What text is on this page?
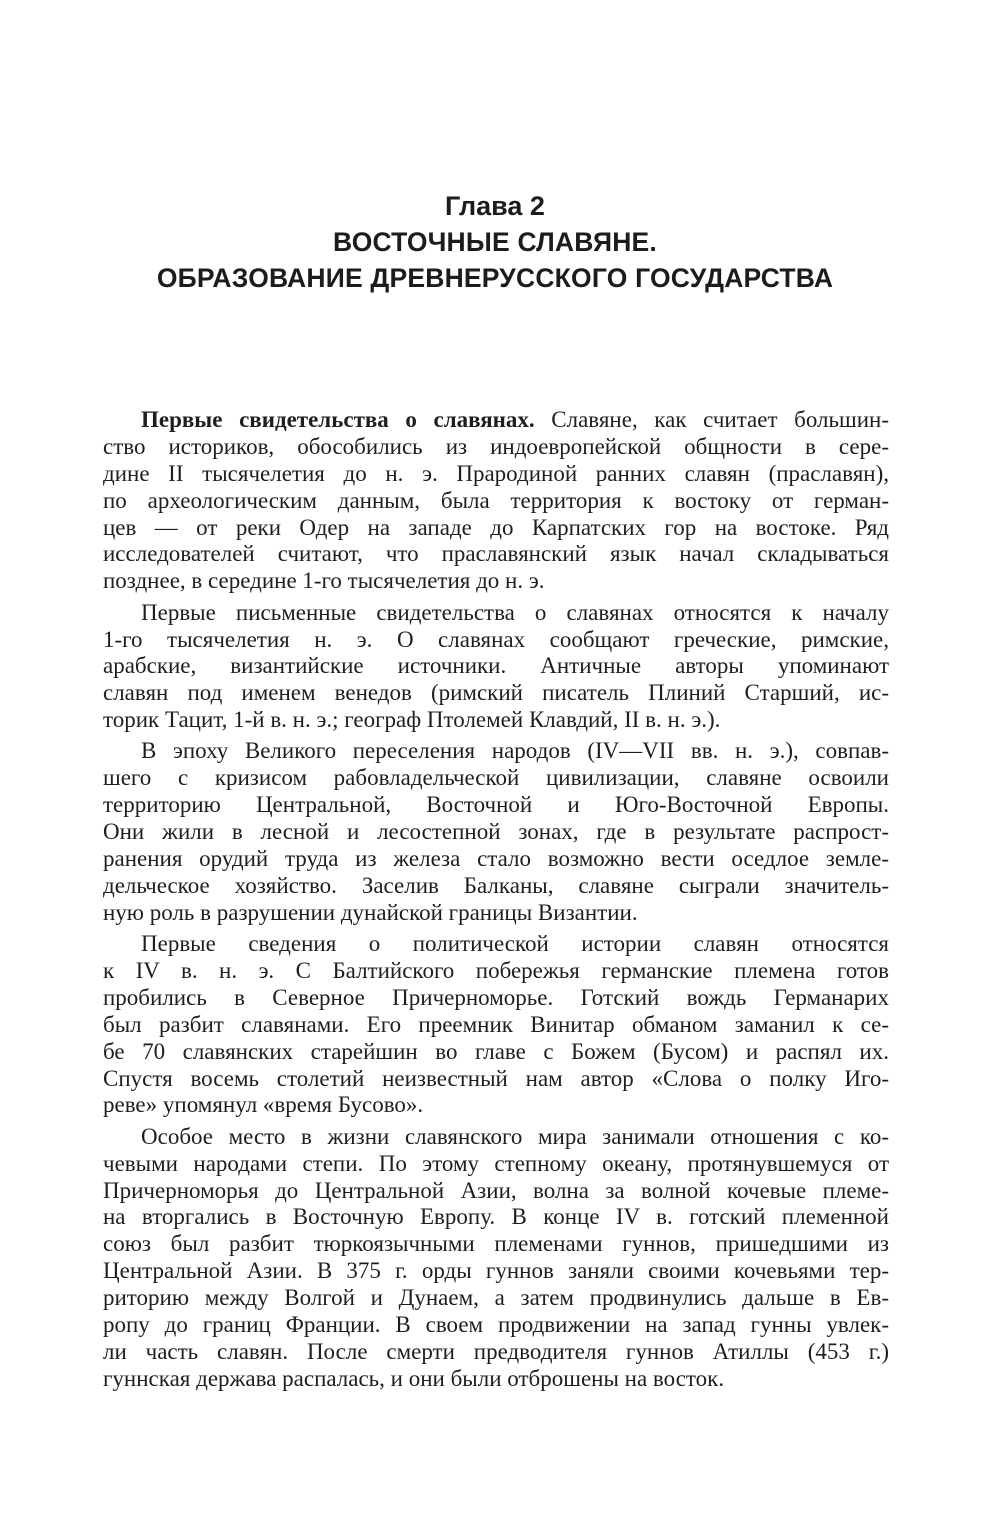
Глава 2

ВОСТОЧНЫЕ СЛАВЯНЕ.

ОБРАЗОВАНИЕ ДРЕВНЕРУССКОГО ГОСУДАРСТВА

Первые свидетельства о славянах. Славяне, как считает большин-
ство историков, обособились из индоевропейской общности в сере-
дине II тысячелетия до н. э. Прародиной ранних славян (праславян),
по археологическим данным, была территория к востоку от герман-
цев — от реки Одер на западе до Карпатских гор на востоке. Ряд
исследователей считают, что праславянский язык начал складываться
позднее, в середине 1-го тысячелетия до н. э.
Первые письменные свидетельства о славянах относятся к началу
1-го тысячелетия н. э. О славянах сообщают греческие, римские,
арабские, византийские источники. Античные авторы упоминают
славян под именем венедов (римский писатель Плиний Старший, ис-
торик Тацит, 1-й в. н. э.; географ Птолемей Клавдий, II в. н. э.).
В эпоху Великого переселения народов (IV—VII вв. н. э.), совпав-
шего с кризисом рабовладельческой цивилизации, славяне освоили
территорию Центральной, Восточной и Юго-Восточной Европы.
Они жили в лесной и лесостепной зонах, где в результате распрост-
ранения орудий труда из железа стало возможно вести оседлое земле-
дельческое хозяйство. Заселив Балканы, славяне сыграли значитель-
ную роль в разрушении дунайской границы Византии.
Первые сведения о политической истории славян относятся
к IV в. н. э. С Балтийского побережья германские племена готов
пробились в Северное Причерноморье. Готский вождь Германарих
был разбит славянами. Его преемник Винитар обманом заманил к се-
бе 70 славянских старейшин во главе с Божем (Бусом) и распял их.
Спустя восемь столетий неизвестный нам автор «Слова о полку Иго-
реве» упомянул «время Бусово».
Особое место в жизни славянского мира занимали отношения с ко-
чевыми народами степи. По этому степному океану, протянувшемуся от
Причерноморья до Центральной Азии, волна за волной кочевые племе-
на вторгались в Восточную Европу. В конце IV в. готский племенной
союз был разбит тюркоязычными племенами гуннов, пришедшими из
Центральной Азии. В 375 г. орды гуннов заняли своими кочевьями тер-
риторию между Волгой и Дунаем, а затем продвинулись дальше в Ев-
ропу до границ Франции. В своем продвижении на запад гунны увлек-
ли часть славян. После смерти предводителя гуннов Атиллы (453 г.)
гуннская держава распалась, и они были отброшены на восток.
